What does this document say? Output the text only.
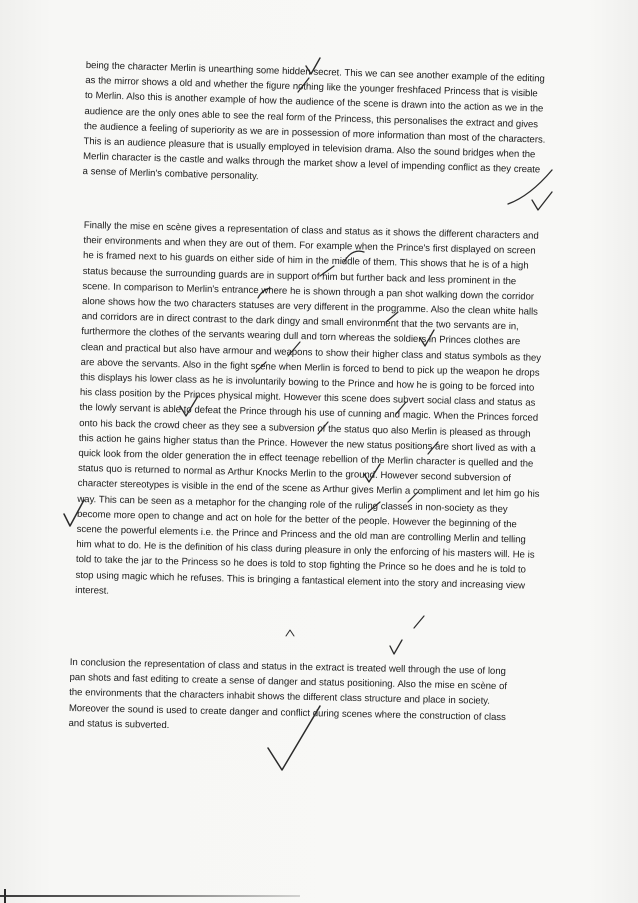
being the character Merlin is unearthing some hidden secret. This we can see another example of the editing as the mirror shows a old and whether the figure nothing like the younger freshfaced Princess that is visible to Merlin. Also this is another example of how the audience of the scene is drawn into the action as we in the audience are the only ones able to see the real form of the Princess, this personalises the extract and gives the audience a feeling of superiority as we are in possession of more information than most of the characters. This is an audience pleasure that is usually employed in television drama. Also the sound bridges when the Merlin character is the castle and walks through the market show a level of impending conflict as they create a sense of Merlin's combative personality.

Finally the mise en scène gives a representation of class and status as it shows the different characters and their environments and when they are out of them. For example when the Prince's first displayed on screen he is framed next to his guards on either side of him in the middle of them. This shows that he is of a high status because the surrounding guards are in support of him but further back and less prominent in the scene. In comparison to Merlin's entrance where he is shown through a pan shot walking down the corridor alone shows how the two characters statuses are very different in the programme. Also the clean white halls and corridors are in direct contrast to the dark dingy and small environment that the two servants are in, furthermore the clothes of the servants wearing dull and torn whereas the soldiers in Princes clothes are clean and practical but also have armour and weapons to show their higher class and status symbols as they are above the servants. Also in the fight scene when Merlin is forced to bend to pick up the weapon he drops this displays his lower class as he is involuntarily bowing to the Prince and how he is going to be forced into his class position by the Princes physical might. However this scene does subvert social class and status as the lowly servant is able to defeat the Prince through his use of cunning and magic. When the Princes forced onto his back the crowd cheer as they see a subversion of the status quo also Merlin is pleased as through this action he gains higher status than the Prince. However the new status positions are short lived as with a quick look from the older generation the in effect teenage rebellion of the Merlin character is quelled and the status quo is returned to normal as Arthur Knocks Merlin to the ground. However second subversion of character stereotypes is visible in the end of the scene as Arthur gives Merlin a compliment and let him go his way. This can be seen as a metaphor for the changing role of the ruling classes in non-society as they become more open to change and act on hole for the better of the people. However the beginning of the scene the powerful elements i.e. the Prince and Princess and the old man are controlling Merlin and telling him what to do. He is the definition of his class during pleasure in only the enforcing of his masters will. He is told to take the jar to the Princess so he does is told to stop fighting the Prince so he does and he is told to stop using magic which he refuses. This is bringing a fantastical element into the story and increasing view interest.

In conclusion the representation of class and status in the extract is treated well through the use of long pan shots and fast editing to create a sense of danger and status positioning. Also the mise en scène of the environments that the characters inhabit shows the different class structure and place in society. Moreover the sound is used to create danger and conflict during scenes where the construction of class and status is subverted.
